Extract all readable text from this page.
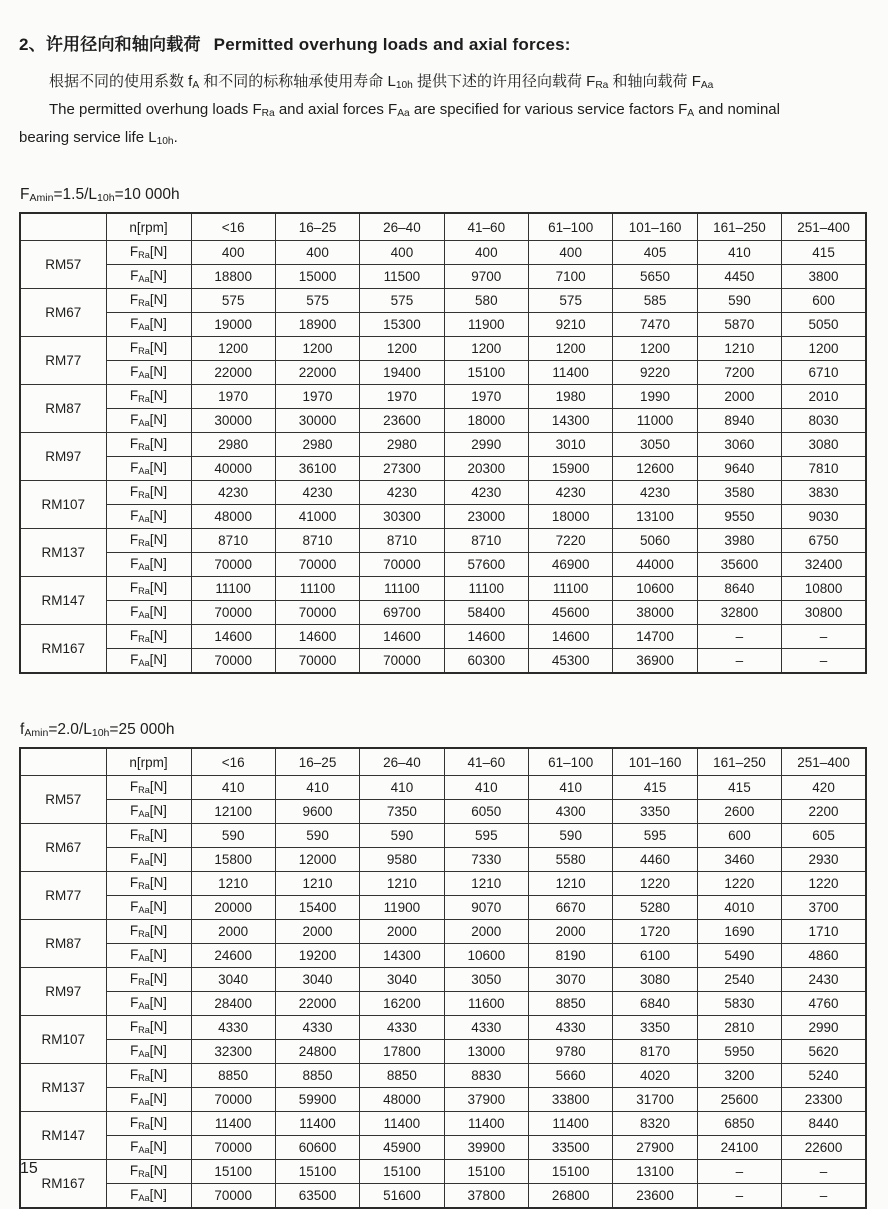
2、许用径向和轴向载荷 Permitted overhung loads and axial forces:

根据不同的使用系数 fA 和不同的标称轴承使用寿命 L10h 提供下述的许用径向载荷 FRa 和轴向载荷 FAa

The permitted overhung loads FRa and axial forces FAa are specified for various service factors FA and nominal

bearing service life L10h.

FAmin=1.5/L10h=10 000h

	n[rpm]	<16	16–25	26–40	41–60	61–100	101–160	161–250	251–400
RM57	FRa[N]	400	400	400	400	400	405	410	415
	FAa[N]	18800	15000	11500	9700	7100	5650	4450	3800
RM67	FRa[N]	575	575	575	580	575	585	590	600
	FAa[N]	19000	18900	15300	11900	9210	7470	5870	5050
RM77	FRa[N]	1200	1200	1200	1200	1200	1200	1210	1200
	FAa[N]	22000	22000	19400	15100	11400	9220	7200	6710
RM87	FRa[N]	1970	1970	1970	1970	1980	1990	2000	2010
	FAa[N]	30000	30000	23600	18000	14300	11000	8940	8030
RM97	FRa[N]	2980	2980	2980	2990	3010	3050	3060	3080
	FAa[N]	40000	36100	27300	20300	15900	12600	9640	7810
RM107	FRa[N]	4230	4230	4230	4230	4230	4230	3580	3830
	FAa[N]	48000	41000	30300	23000	18000	13100	9550	9030
RM137	FRa[N]	8710	8710	8710	8710	7220	5060	3980	6750
	FAa[N]	70000	70000	70000	57600	46900	44000	35600	32400
RM147	FRa[N]	11100	11100	11100	11100	11100	10600	8640	10800
	FAa[N]	70000	70000	69700	58400	45600	38000	32800	30800
RM167	FRa[N]	14600	14600	14600	14600	14600	14700	–	–
	FAa[N]	70000	70000	70000	60300	45300	36900	–	–

fAmin=2.0/L10h=25 000h

	n[rpm]	<16	16–25	26–40	41–60	61–100	101–160	161–250	251–400
RM57	FRa[N]	410	410	410	410	410	415	415	420
	FAa[N]	12100	9600	7350	6050	4300	3350	2600	2200
RM67	FRa[N]	590	590	590	595	590	595	600	605
	FAa[N]	15800	12000	9580	7330	5580	4460	3460	2930
RM77	FRa[N]	1210	1210	1210	1210	1210	1220	1220	1220
	FAa[N]	20000	15400	11900	9070	6670	5280	4010	3700
RM87	FRa[N]	2000	2000	2000	2000	2000	1720	1690	1710
	FAa[N]	24600	19200	14300	10600	8190	6100	5490	4860
RM97	FRa[N]	3040	3040	3040	3050	3070	3080	2540	2430
	FAa[N]	28400	22000	16200	11600	8850	6840	5830	4760
RM107	FRa[N]	4330	4330	4330	4330	4330	3350	2810	2990
	FAa[N]	32300	24800	17800	13000	9780	8170	5950	5620
RM137	FRa[N]	8850	8850	8850	8830	5660	4020	3200	5240
	FAa[N]	70000	59900	48000	37900	33800	31700	25600	23300
RM147	FRa[N]	11400	11400	11400	11400	11400	8320	6850	8440
	FAa[N]	70000	60600	45900	39900	33500	27900	24100	22600
RM167	FRa[N]	15100	15100	15100	15100	15100	13100	–	–
	FAa[N]	70000	63500	51600	37800	26800	23600	–	–
15
